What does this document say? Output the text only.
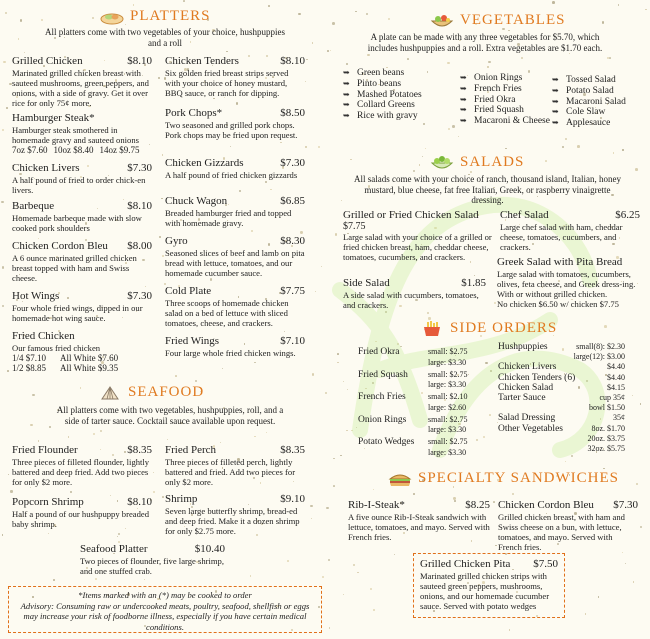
PLATTERS
All platters come with two vegetables of your choice, hushpuppies and a roll
Grilled Chicken	$8.10
Marinated grilled chicken breast with sauteed mushrooms, green peppers, and onions, with a side of gravy. Get it over rice for only 75¢ more.
Hamburger Steak*
Hamburger steak smothered in homemade gravy and sauteed onions
7oz $7.60 10oz $8.40 14oz $9.75
Chicken Livers	$7.30
A half pound of fried to order chick-en livers.
Barbeque	$8.10
Homemade barbeque made with slow cooked pork shoulders
Chicken Cordon Bleu $8.00
A 6 ounce marinated grilled chicken breast topped with ham and Swiss cheese.
Hot Wings	$7.30
Four whole fried wings, dipped in our homemade hot wing sauce.
Fried Chicken
Our famous fried chicken
1/4 $7.10 All White $7.60
1/2 $8.85 All White $9.35
Chicken Tenders	$8.10
Six golden fried breast strips served with your choice of honey mustard, BBQ sauce, or ranch for dipping.
Pork Chops*	$8.50
Two seasoned and grilled pork chops. Pork chops may be fried upon request.
Chicken Gizzards	$7.30
A half pound of fried chicken gizzards
Chuck Wagon	$6.85
Breaded hamburger fried and topped with homemade gravy.
Gyro	$8.30
Seasoned slices of beef and lamb on pita bread with lettuce, tomatoes, and our homemade cucumber sauce.
Cold Plate	$7.75
Three scoops of homemade chicken salad on a bed of lettuce with sliced tomatoes, cheese, and crackers.
Fried Wings	$7.10
Four large whole fried chicken wings.
SEAFOOD
All platters come with two vegetables, hushpuppies, roll, and a side of tarter sauce. Cocktail sauce available upon request.
Fried Flounder	$8.35
Three pieces of filleted flounder, lightly battered and deep fried. Add two pieces for only $2 more.
Popcorn Shrimp	$8.10
Half a pound of our hushpuppy breaded baby shrimp.
Fried Perch	$8.35
Three pieces of filleted perch, lightly battered and fried. Add two pieces for only $2 more.
Shrimp	$9.10
Seven large butterfly shrimp, bread-ed and deep fried. Make it a dozen shrimp for only $2.75 more.
Seafood Platter	$10.40
Two pieces of flounder, five large shrimp, and one stuffed crab.
*Items marked with an (*) may be cooked to order
Advisory: Consuming raw or undercooked meats, poultry, seafood, shellfish or eggs may increase your risk of foodborne illness, especially if you have certain medical conditions.
VEGETABLES
A plate can be made with any three vegetables for $5.70, which includes hushpuppies and a roll. Extra vegetables are $1.70 each.
➥ Green beans
➥ Pinto beans
➥ Mashed Potatoes
➥ Collard Greens
➥ Rice with gravy
➥ Onion Rings
➥ French Fries
➥ Fried Okra
➥ Fried Squash
➥ Macaroni & Cheese
➥ Tossed Salad
➥ Potato Salad
➥ Macaroni Salad
➥ Cole Slaw
➥ Applesauce
SALADS
All salads come with your choice of ranch, thousand island, Italian, honey mustard, blue cheese, fat free Italian, Greek, or raspberry vinaigrette dressing.
Grilled or Fried Chicken Salad
$7.75
Large salad with your choice of a grilled or fried chicken breast, ham, cheddar cheese, tomatoes, cucumbers, and crackers.
Side Salad	$1.85
A side salad with cucumbers, tomatoes, and crackers.
Chef Salad	$6.25
Large chef salad with ham, cheddar cheese, tomatoes, cucumbers, and crackers.
Greek Salad with Pita Bread
Large salad with tomatoes, cucumbers, olives, feta cheese, and Greek dress-ing. With or without grilled chicken.
No chicken $6.50 w/ chicken $7.75
SIDE ORDERS
Fried Okra	small: $2.75
large: $3.30
Fried Squash	small: $2.75
large: $3.30
French Fries	small: $2.10
large: $2.60
Onion Rings	small: $2.75
large: $3.30
Potato Wedges	small: $2.75
large: $3.30
Hushpuppies	small(8): $2.30
large(12): $3.00
Chicken Livers	$4.40
Chicken Tenders (6)	$4.40
Chicken Salad	$4.15
Tarter Sauce	cup 35¢
bowl $1.50
Salad Dressing	35¢
Other Vegetables	8oz. $1.70
20oz. $3.75
32oz. $5.75
SPECIALTY SANDWICHES
Rib-I-Steak*	$8.25
A five ounce Rib-I-Steak sandwich with lettuce, tomatoes, and mayo. Served with French fries.
Chicken Cordon Bleu $7.30
Grilled chicken breast, with ham and Swiss cheese on a bun, with lettuce, tomatoes, and mayo. Served with French fries.
Grilled Chicken Pita $7.50
Marinated grilled chicken strips with sauteed green peppers, mushrooms, onions, and our homemade cucumber sauce. Served with potato wedges
